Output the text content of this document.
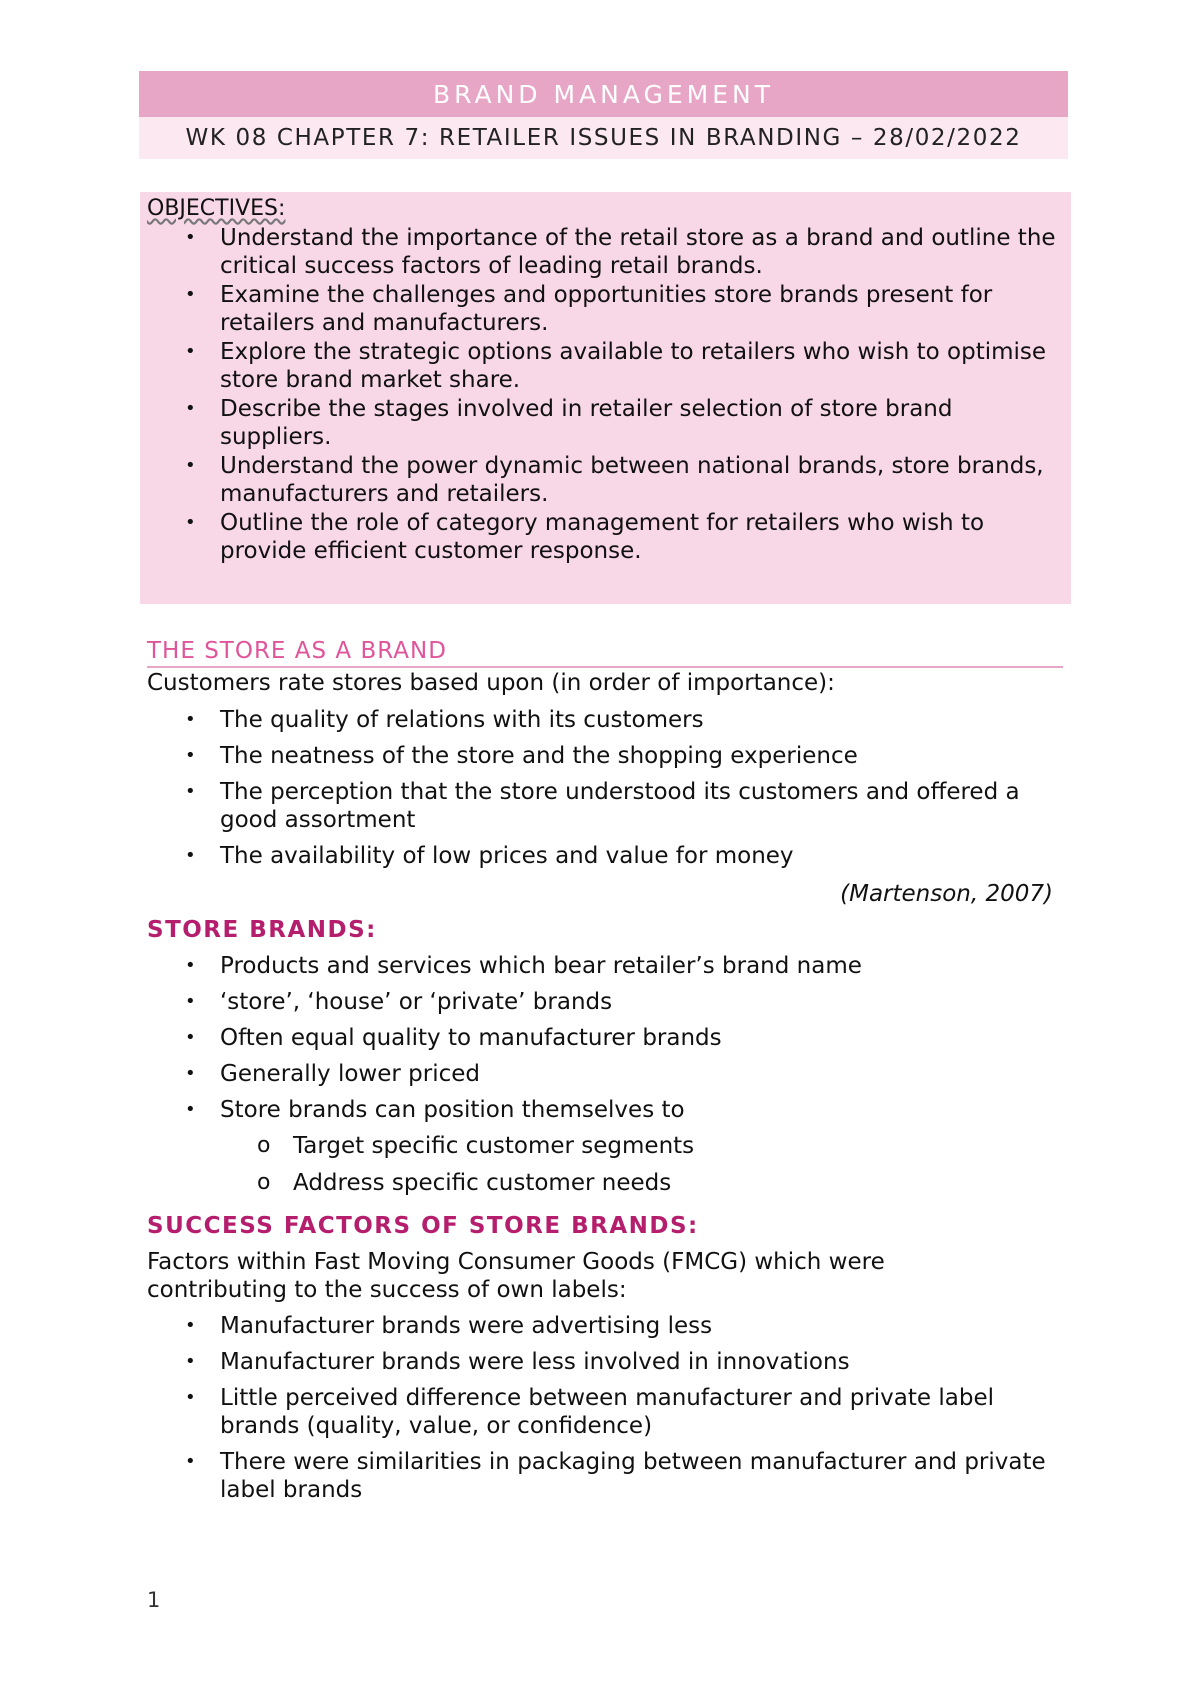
BRAND MANAGEMENT
WK 08 CHAPTER 7: RETAILER ISSUES IN BRANDING – 28/02/2022

OBJECTIVES:

• Understand the importance of the retail store as a brand and outline the critical success factors of leading retail brands.
• Examine the challenges and opportunities store brands present for retailers and manufacturers.
• Explore the strategic options available to retailers who wish to optimise store brand market share.
• Describe the stages involved in retailer selection of store brand suppliers.
• Understand the power dynamic between national brands, store brands, manufacturers and retailers.
• Outline the role of category management for retailers who wish to provide efficient customer response.
THE STORE AS A BRAND

Customers rate stores based upon (in order of importance):

• The quality of relations with its customers
• The neatness of the store and the shopping experience
• The perception that the store understood its customers and offered a good assortment
• The availability of low prices and value for money
(Martenson, 2007)
STORE BRANDS:
• Products and services which bear retailer’s brand name
• ‘store’, ‘house’ or ‘private’ brands
• Often equal quality to manufacturer brands
• Generally lower priced
• Store brands can position themselves to
o Target specific customer segments
o Address specific customer needs
SUCCESS FACTORS OF STORE BRANDS:

Factors within Fast Moving Consumer Goods (FMCG) which were contributing to the success of own labels:

• Manufacturer brands were advertising less
• Manufacturer brands were less involved in innovations
• Little perceived difference between manufacturer and private label brands (quality, value, or confidence)
• There were similarities in packaging between manufacturer and private label brands
1
